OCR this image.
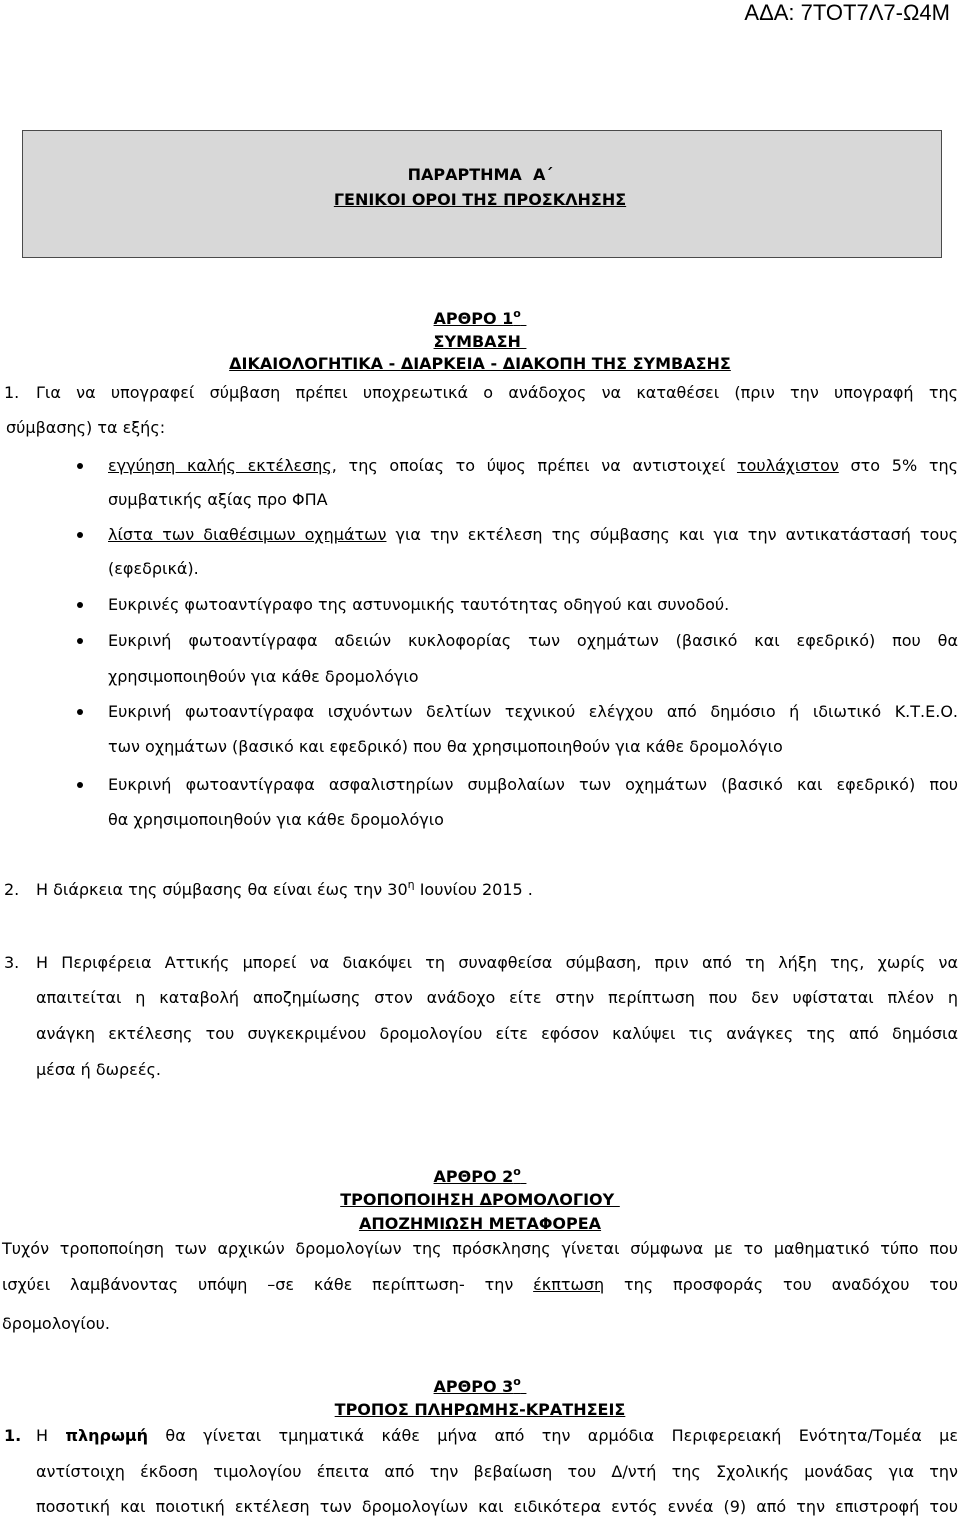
ΑΔΑ: 7ΤΟΤ7Λ7-Ω4Μ
ΠΑΡΑΡΤΗΜΑ  Α΄
ΓΕΝΙΚΟΙ ΟΡΟΙ ΤΗΣ ΠΡΟΣΚΛΗΣΗΣ
ΑΡΘΡΟ $1^o$
ΣΥΜΒΑΣΗ
ΔΙΚΑΙΟΛΟΓΗΤΙΚΑ - ΔΙΑΡΚΕΙΑ - ΔΙΑΚΟΠΗ ΤΗΣ ΣΥΜΒΑΣΗΣ
1. Για να υπογραφεί σύμβαση πρέπει υποχρεωτικά ο ανάδοχος να καταθέσει (πριν την υπογραφή της
σύμβασης) τα εξής:
εγγύηση καλής εκτέλεσης, της οποίας το ύψος πρέπει να αντιστοιχεί τουλάχιστον στο 5% της
συμβατικής αξίας προ ΦΠΑ
λίστα των διαθέσιμων οχημάτων για την εκτέλεση της σύμβασης και για την αντικατάστασή τους
(εφεδρικά).
Ευκρινές φωτοαντίγραφο της αστυνομικής ταυτότητας οδηγού και συνοδού.
Ευκρινή φωτοαντίγραφα αδειών κυκλοφορίας των οχημάτων (βασικό και εφεδρικό) που θα
χρησιμοποιηθούν για κάθε δρομολόγιο
Ευκρινή φωτοαντίγραφα ισχυόντων δελτίων τεχνικού ελέγχου από δημόσιο ή ιδιωτικό Κ.Τ.Ε.Ο.
των οχημάτων (βασικό και εφεδρικό) που θα χρησιμοποιηθούν για κάθε δρομολόγιο
Ευκρινή φωτοαντίγραφα ασφαλιστηρίων συμβολαίων των οχημάτων (βασικό και εφεδρικό) που
θα χρησιμοποιηθούν για κάθε δρομολόγιο
2. Η διάρκεια της σύμβασης θα είναι έως την $30^\eta$ Ιουνίου 2015 .
3. Η Περιφέρεια Αττικής μπορεί να διακόψει τη συναφθείσα σύμβαση, πριν από τη λήξη της, χωρίς να
απαιτείται η καταβολή αποζημίωσης στον ανάδοχο είτε στην περίπτωση που δεν υφίσταται πλέον η
ανάγκη εκτέλεσης του συγκεκριμένου δρομολογίου είτε εφόσον καλύψει τις ανάγκες της από δημόσια
μέσα ή δωρεές.
ΑΡΘΡΟ $2^o$
ΤΡΟΠΟΠΟΙΗΣΗ ΔΡΟΜΟΛΟΓΙΟΥ
ΑΠΟΖΗΜΙΩΣΗ ΜΕΤΑΦΟΡΕΑ
Τυχόν τροποποίηση των αρχικών δρομολογίων της πρόσκλησης γίνεται σύμφωνα με το μαθηματικό τύπο που
ισχύει λαμβάνοντας υπόψη –σε κάθε περίπτωση- την έκπτωση της προσφοράς του αναδόχου του
δρομολογίου.
ΑΡΘΡΟ $3^o$
ΤΡΟΠΟΣ ΠΛΗΡΩΜΗΣ-ΚΡΑΤΗΣΕΙΣ
1. Η πληρωμή θα γίνεται τμηματικά κάθε μήνα από την αρμόδια Περιφερειακή Ενότητα/Τομέα με
αντίστοιχη έκδοση τιμολογίου έπειτα από την βεβαίωση του Δ/ντή της Σχολικής μονάδας για την
ποσοτική και ποιοτική εκτέλεση των δρομολογίων και ειδικότερα εντός εννέα (9) από την επιστροφή του
